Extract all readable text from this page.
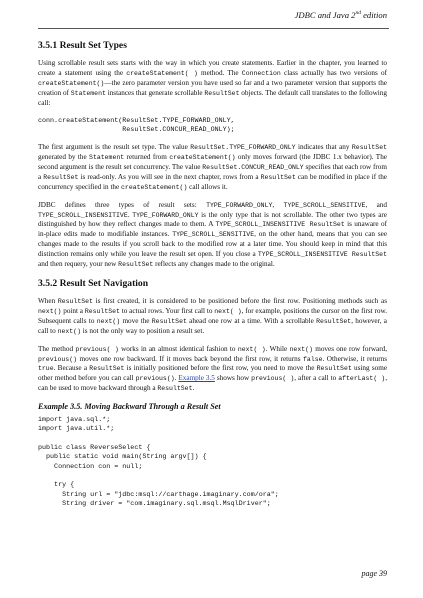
JDBC and Java 2nd edition
3.5.1 Result Set Types

Using scrollable result sets starts with the way in which you create statements. Earlier in the chapter, you learned to create a statement using the createStatement( ) method. The Connection class actually has two versions of createStatement()—the zero parameter version you have used so far and a two parameter version that supports the creation of Statement instances that generate scrollable ResultSet objects. The default call translates to the following call:

conn.createStatement(ResultSet.TYPE_FORWARD_ONLY,
ResultSet.CONCUR_READ_ONLY);

The first argument is the result set type. The value ResultSet.TYPE_FORWARD_ONLY indicates that any ResultSet generated by the Statement returned from createStatement() only moves forward (the JDBC 1.x behavior). The second argument is the result set concurrency. The value ResultSet.CONCUR_READ_ONLY specifies that each row from a ResultSet is read-only. As you will see in the next chapter, rows from a ResultSet can be modified in place if the concurrency specified in the createStatement() call allows it.

JDBC defines three types of result sets: TYPE_FORWARD_ONLY, TYPE_SCROLL_SENSITIVE, and TYPE_SCROLL_INSENSITIVE. TYPE_FORWARD_ONLY is the only type that is not scrollable. The other two types are distinguished by how they reflect changes made to them. A TYPE_SCROLL_INSENSITIVE ResultSet is unaware of in-place edits made to modifiable instances. TYPE_SCROLL_SENSITIVE, on the other hand, means that you can see changes made to the results if you scroll back to the modified row at a later time. You should keep in mind that this distinction remains only while you leave the result set open. If you close a TYPE_SCROLL_INSENSITIVE ResultSet and then requery, your new ResultSet reflects any changes made to the original.

3.5.2 Result Set Navigation

When ResultSet is first created, it is considered to be positioned before the first row. Positioning methods such as next() point a ResultSet to actual rows. Your first call to next( ), for example, positions the cursor on the first row. Subsequent calls to next() move the ResultSet ahead one row at a time. With a scrollable ResultSet, however, a call to next() is not the only way to position a result set.

The method previous( ) works in an almost identical fashion to next( ). While next() moves one row forward, previous() moves one row backward. If it moves back beyond the first row, it returns false. Otherwise, it returns true. Because a ResultSet is initially positioned before the first row, you need to move the ResultSet using some other method before you can call previous(). Example 3.5 shows how previous( ), after a call to afterLast( ), can be used to move backward through a ResultSet.

Example 3.5. Moving Backward Through a Result Set
import java.sql.*;
import java.util.*;

public class ReverseSelect {
public static void main(String argv[]) {
Connection con = null;

try {
String url = "jdbc:msql://carthage.imaginary.com/ora";
String driver = "com.imaginary.sql.msql.MsqlDriver";
page 39
